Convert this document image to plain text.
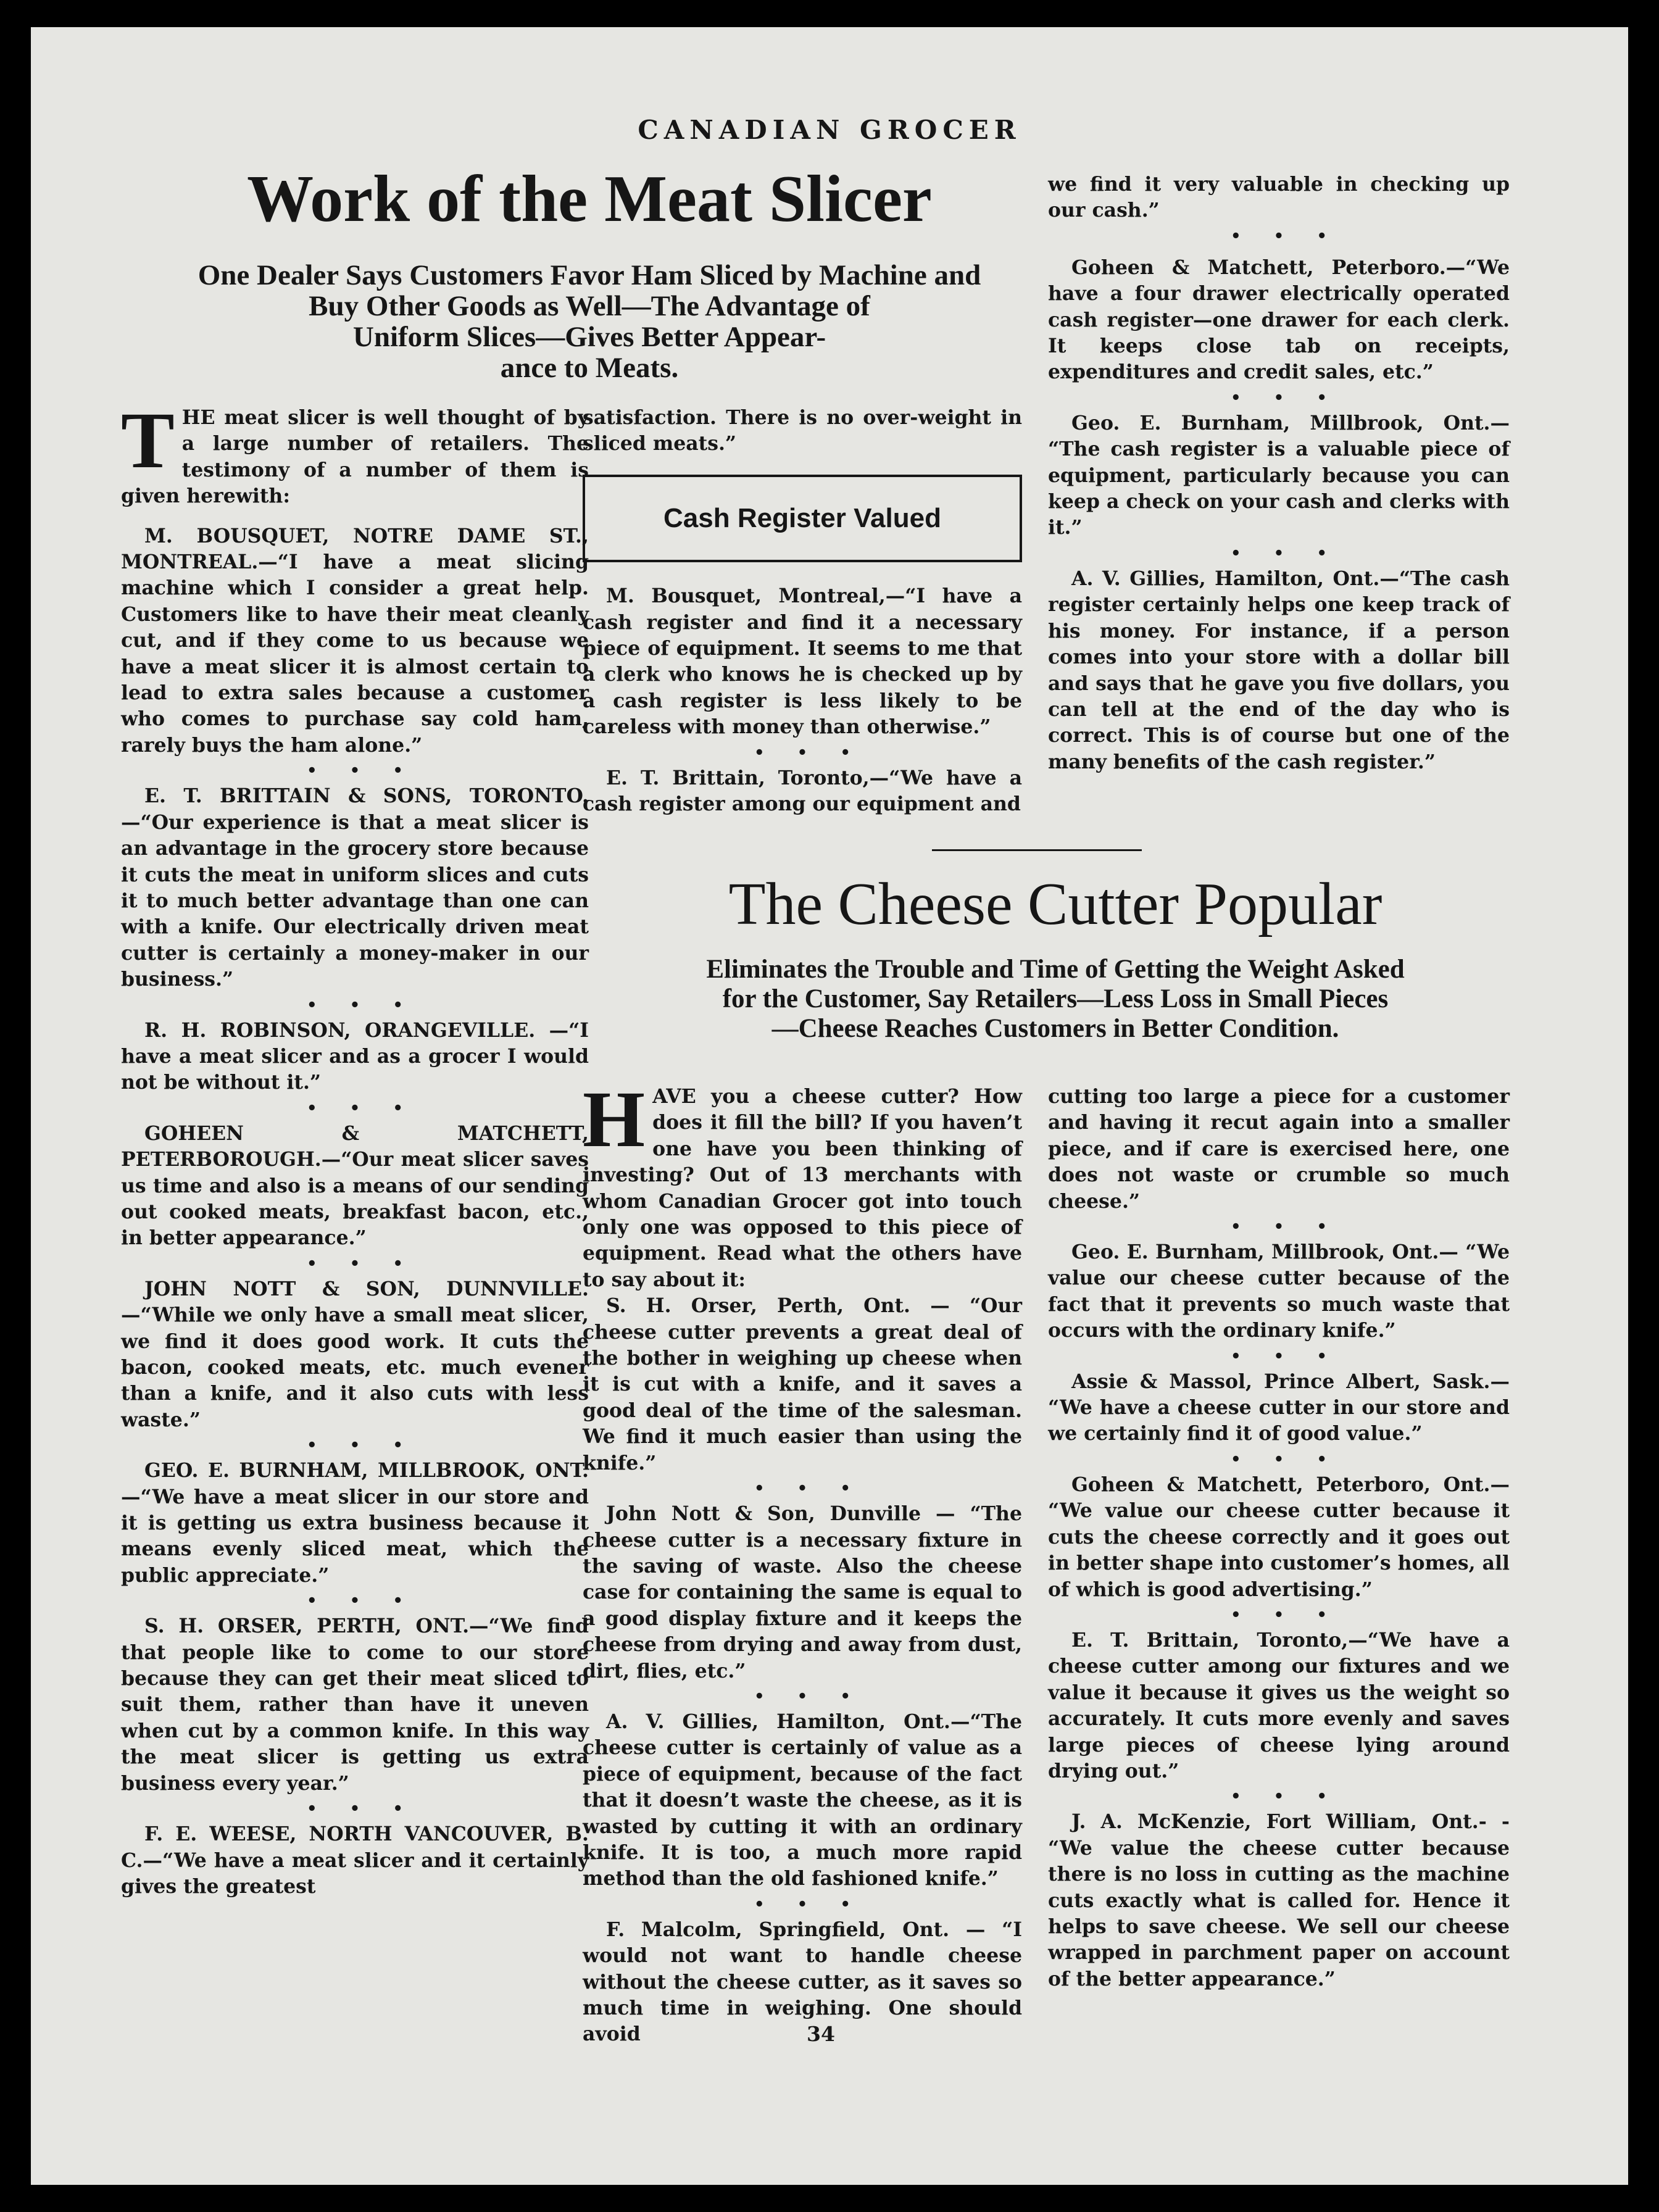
CANADIAN GROCER
Work of the Meat Slicer
One Dealer Says Customers Favor Ham Sliced by Machine and
Buy Other Goods as Well—The Advantage of
Uniform Slices—Gives Better Appear-
ance to Meats.

THE meat slicer is well thought of by a large number of retailers. The testimony of a number of them is given herewith:

M. BOUSQUET, NOTRE DAME ST., MONTREAL.—“I have a meat slicing machine which I consider a great help. Customers like to have their meat cleanly cut, and if they come to us because we have a meat slicer it is almost certain to lead to extra sales because a customer who comes to purchase say cold ham, rarely buys the ham alone.”

• • •

E. T. BRITTAIN & SONS, TORONTO.—“Our experience is that a meat slicer is an advantage in the grocery store because it cuts the meat in uniform slices and cuts it to much better advantage than one can with a knife. Our electrically driven meat cutter is certainly a money-maker in our business.”

• • •

R. H. ROBINSON, ORANGEVILLE. —“I have a meat slicer and as a grocer I would not be without it.”

• • •

GOHEEN & MATCHETT, PETERBOROUGH.—“Our meat slicer saves us time and also is a means of our sending out cooked meats, breakfast bacon, etc., in better appearance.”

• • •

JOHN NOTT & SON, DUNNVILLE. —“While we only have a small meat slicer, we find it does good work. It cuts the bacon, cooked meats, etc. much evener than a knife, and it also cuts with less waste.”

• • •

GEO. E. BURNHAM, MILLBROOK, ONT.—“We have a meat slicer in our store and it is getting us extra business because it means evenly sliced meat, which the public appreciate.”

• • •

S. H. ORSER, PERTH, ONT.—“We find that people like to come to our store because they can get their meat sliced to suit them, rather than have it uneven when cut by a common knife. In this way the meat slicer is getting us extra business every year.”

• • •

F. E. WEESE, NORTH VANCOUVER, B. C.—“We have a meat slicer and it certainly gives the greatest

satisfaction. There is no over-weight in sliced meats.”

Cash Register Valued

M. Bousquet, Montreal,—“I have a cash register and find it a necessary piece of equipment. It seems to me that a clerk who knows he is checked up by a cash register is less likely to be careless with money than otherwise.”

• • •

E. T. Brittain, Toronto,—“We have a cash register among our equipment and

we find it very valuable in checking up our cash.”

• • •

Goheen & Matchett, Peterboro.—“We have a four drawer electrically operated cash register—one drawer for each clerk. It keeps close tab on receipts, expenditures and credit sales, etc.”

• • •

Geo. E. Burnham, Millbrook, Ont.— “The cash register is a valuable piece of equipment, particularly because you can keep a check on your cash and clerks with it.”

• • •

A. V. Gillies, Hamilton, Ont.—“The cash register certainly helps one keep track of his money. For instance, if a person comes into your store with a dollar bill and says that he gave you five dollars, you can tell at the end of the day who is correct. This is of course but one of the many benefits of the cash register.”

The Cheese Cutter Popular
Eliminates the Trouble and Time of Getting the Weight Asked
for the Customer, Say Retailers—Less Loss in Small Pieces
—Cheese Reaches Customers in Better Condition.

HAVE you a cheese cutter? How does it fill the bill? If you haven’t one have you been thinking of investing? Out of 13 merchants with whom Canadian Grocer got into touch only one was opposed to this piece of equipment. Read what the others have to say about it:

S. H. Orser, Perth, Ont. — “Our cheese cutter prevents a great deal of the bother in weighing up cheese when it is cut with a knife, and it saves a good deal of the time of the salesman. We find it much easier than using the knife.”

• • •

John Nott & Son, Dunville — “The cheese cutter is a necessary fixture in the saving of waste. Also the cheese case for containing the same is equal to a good display fixture and it keeps the cheese from drying and away from dust, dirt, flies, etc.”

• • •

A. V. Gillies, Hamilton, Ont.—“The cheese cutter is certainly of value as a piece of equipment, because of the fact that it doesn’t waste the cheese, as it is wasted by cutting it with an ordinary knife. It is too, a much more rapid method than the old fashioned knife.”

• • •

F. Malcolm, Springfield, Ont. — “I would not want to handle cheese without the cheese cutter, as it saves so much time in weighing. One should avoid

cutting too large a piece for a customer and having it recut again into a smaller piece, and if care is exercised here, one does not waste or crumble so much cheese.”

• • •

Geo. E. Burnham, Millbrook, Ont.— “We value our cheese cutter because of the fact that it prevents so much waste that occurs with the ordinary knife.”

• • •

Assie & Massol, Prince Albert, Sask.— “We have a cheese cutter in our store and we certainly find it of good value.”

• • •

Goheen & Matchett, Peterboro, Ont.— “We value our cheese cutter because it cuts the cheese correctly and it goes out in better shape into customer’s homes, all of which is good advertising.”

• • •

E. T. Brittain, Toronto,—“We have a cheese cutter among our fixtures and we value it because it gives us the weight so accurately. It cuts more evenly and saves large pieces of cheese lying around drying out.”

• • •

J. A. McKenzie, Fort William, Ont.- - “We value the cheese cutter because there is no loss in cutting as the machine cuts exactly what is called for. Hence it helps to save cheese. We sell our cheese wrapped in parchment paper on account of the better appearance.”

34
